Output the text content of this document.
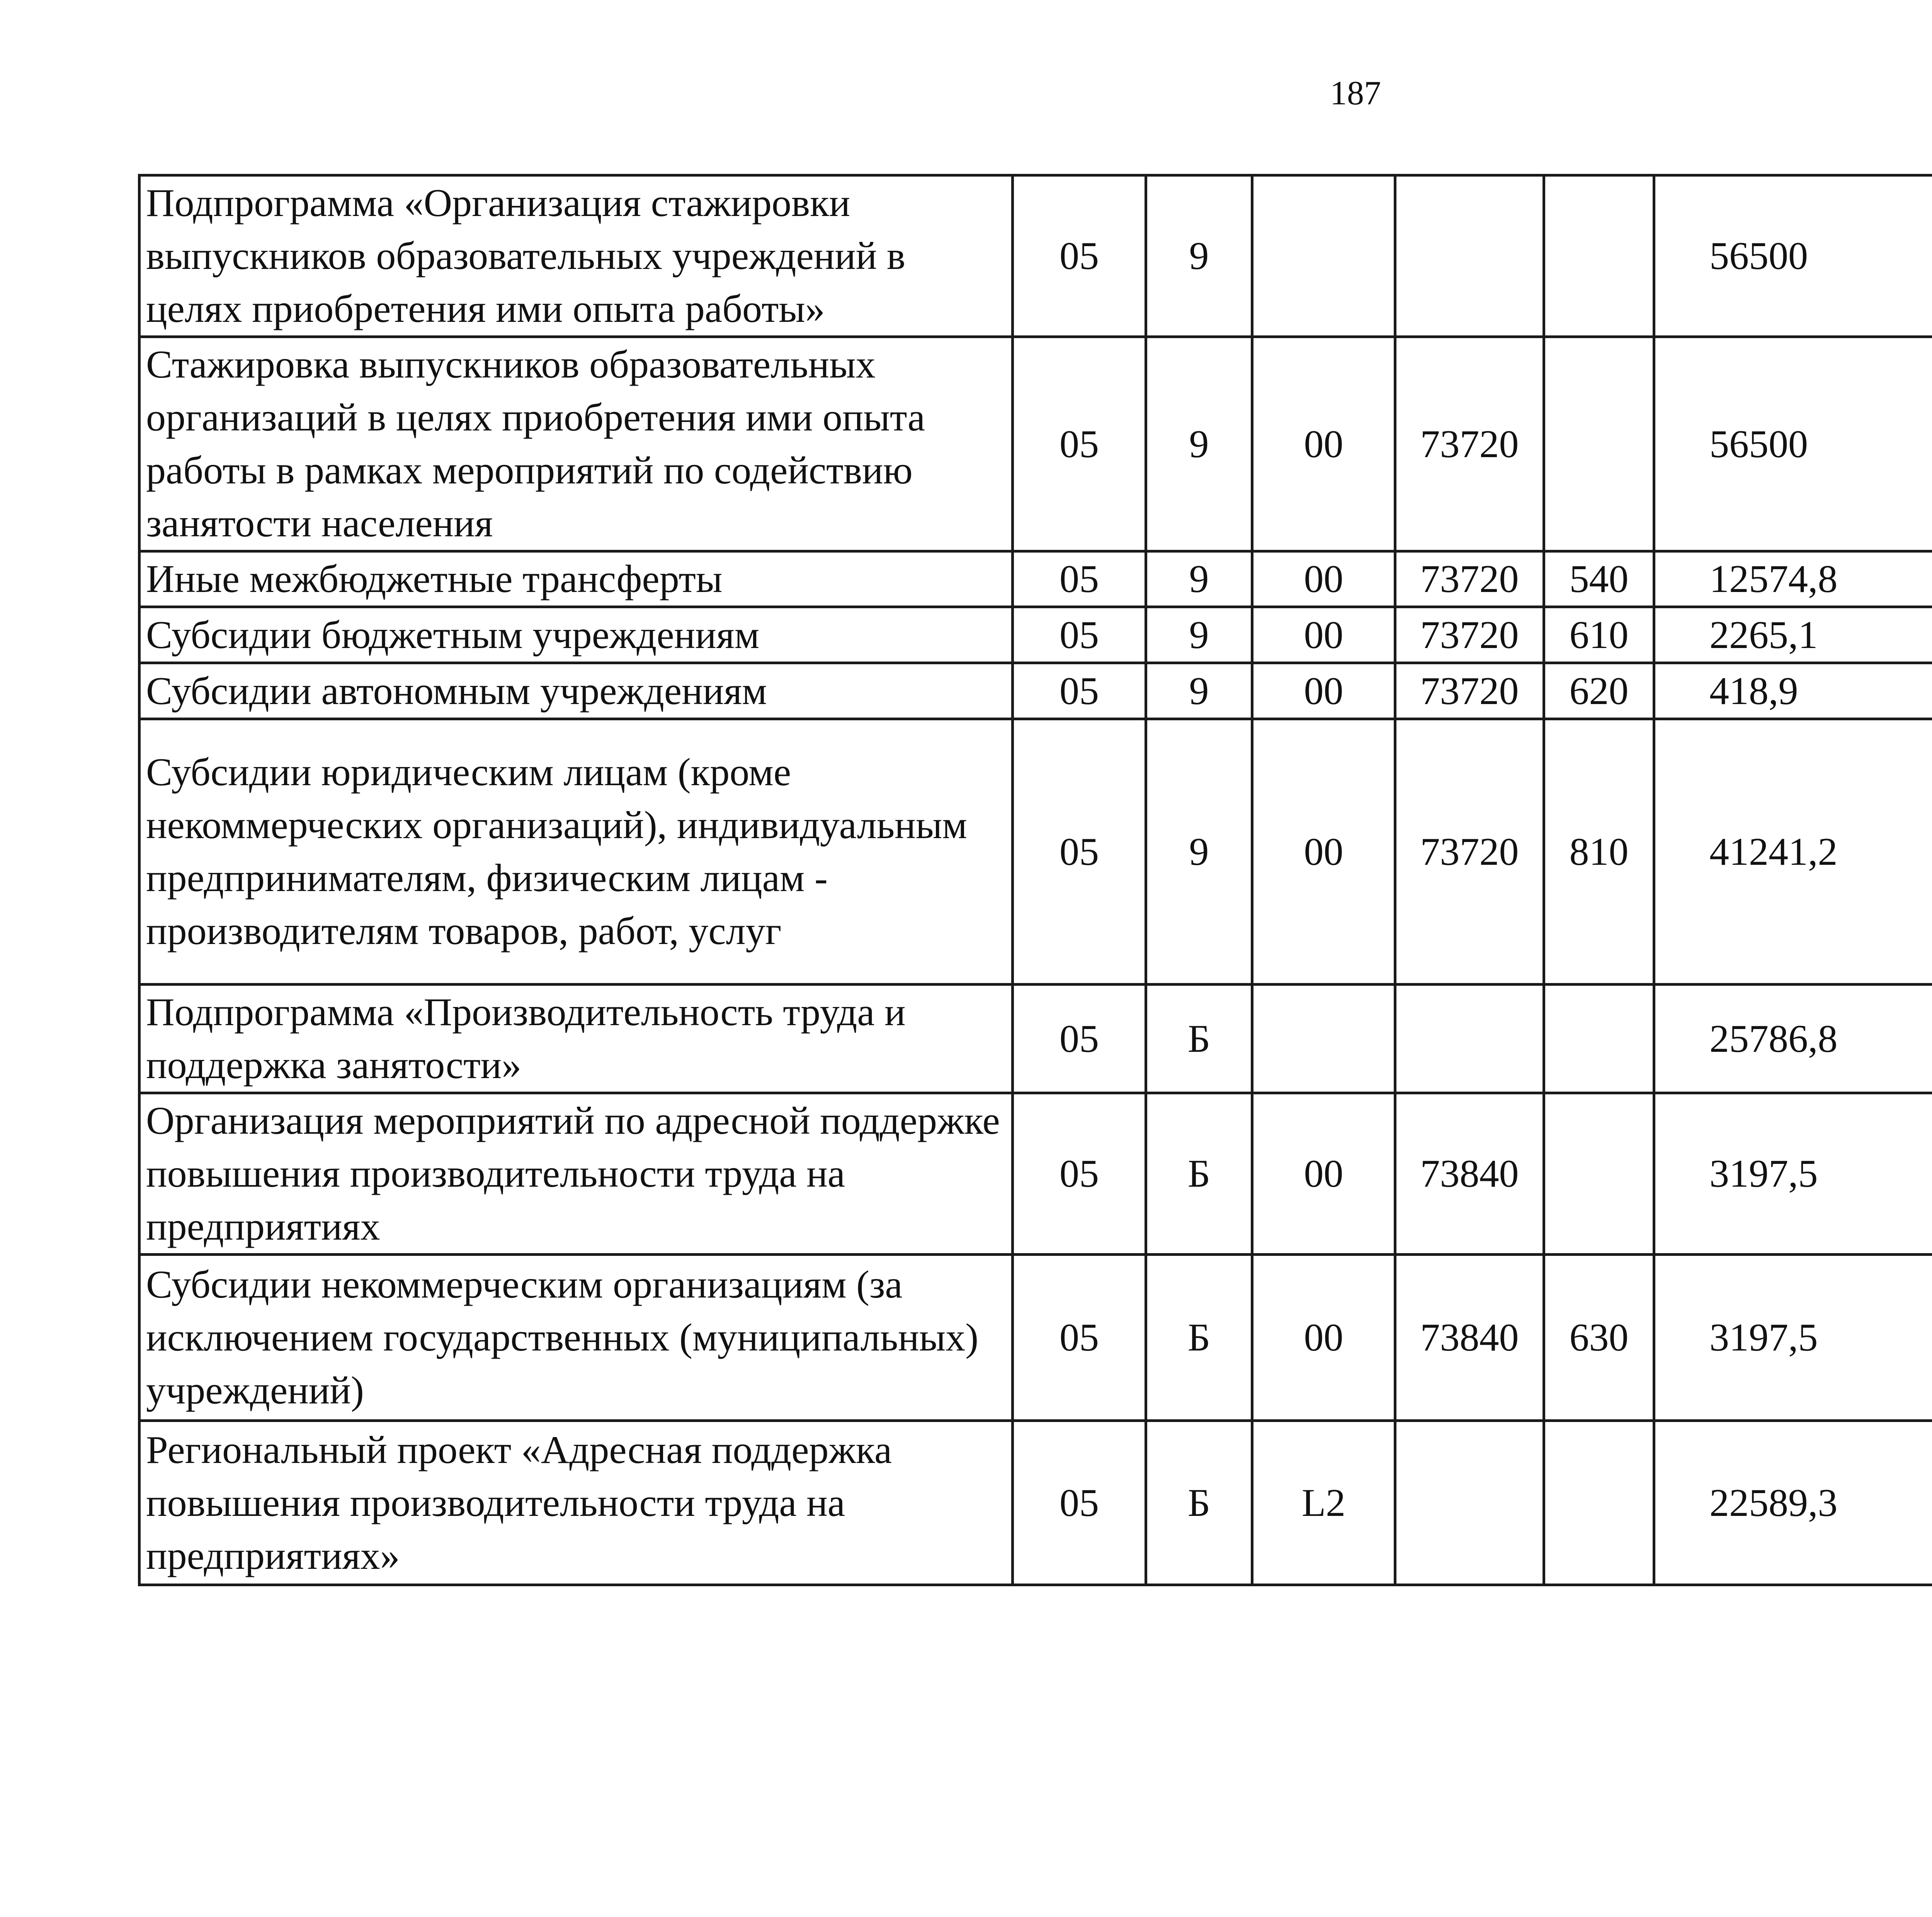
187
Подпрограмма «Организация стажировки выпускников образовательных учреждений в целях приобретения ими опыта работы»	05	9				56500		
Стажировка выпускников образовательных организаций в целях приобретения ими опыта работы в рамках мероприятий по содействию занятости населения	05	9	00	73720		56500		
Иные межбюджетные трансферты	05	9	00	73720	540	12574,8		
Субсидии бюджетным учреждениям	05	9	00	73720	610	2265,1		
Субсидии автономным учреждениям	05	9	00	73720	620	418,9		
Субсидии юридическим лицам (кроме некоммерческих организаций), индивидуальным предпринимателям, физическим лицам - производителям товаров, работ, услуг	05	9	00	73720	810	41241,2		
Подпрограмма «Производительность труда и поддержка занятости»	05	Б				25786,8		
Организация мероприятий по адресной поддержке повышения производительности труда на предприятиях	05	Б	00	73840		3197,5		
Субсидии некоммерческим организациям (за исключением государственных (муниципальных) учреждений)	05	Б	00	73840	630	3197,5		
Региональный проект «Адресная поддержка повышения производительности труда на предприятиях»	05	Б	L2			22589,3		
